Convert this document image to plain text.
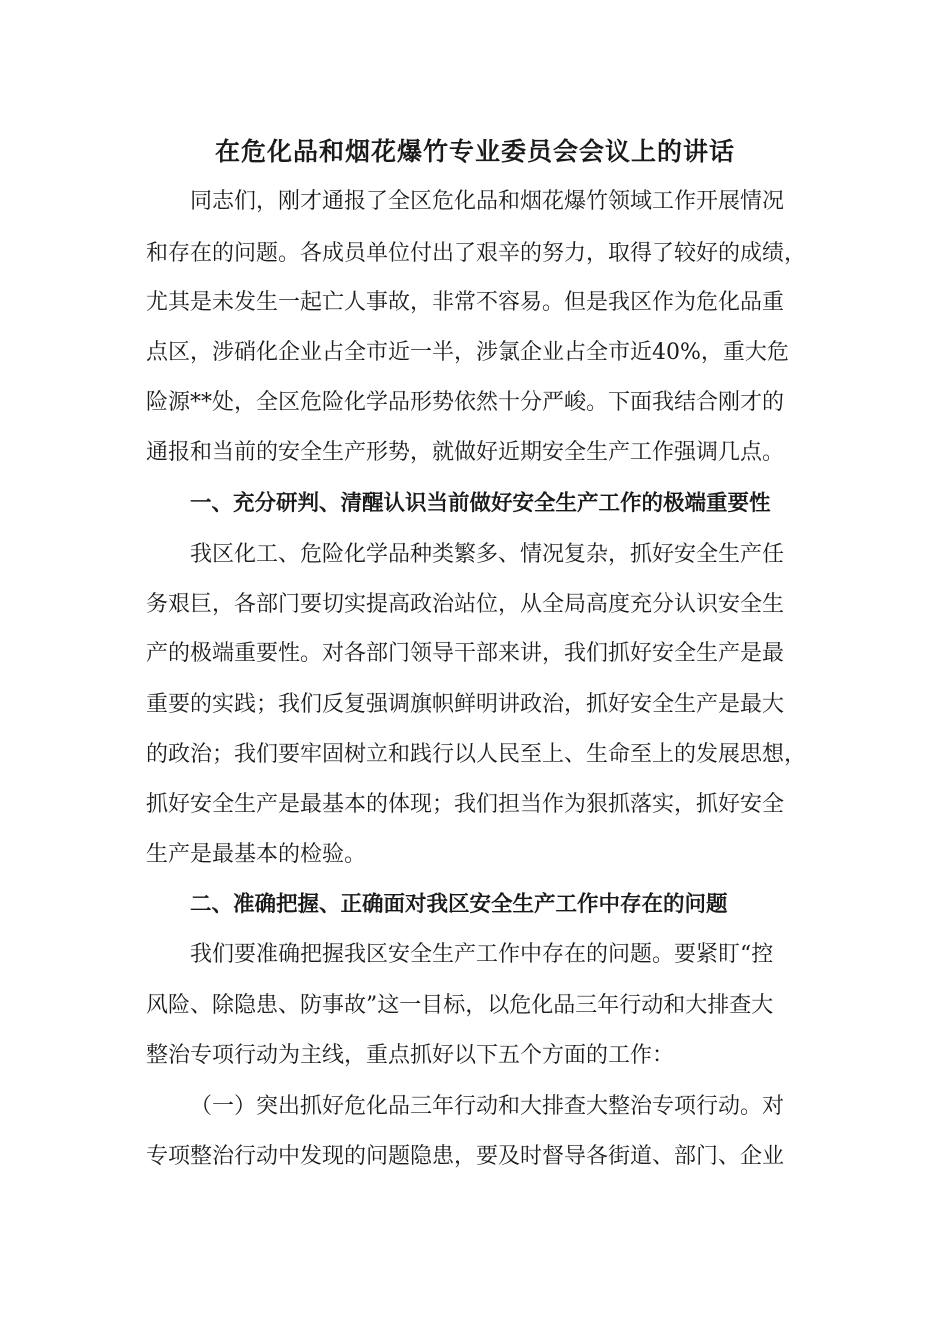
在危化品和烟花爆竹专业委员会会议上的讲话

同志们，刚才通报了全区危化品和烟花爆竹领域工作开展情况

和存在的问题。各成员单位付出了艰辛的努力，取得了较好的成绩，

尤其是未发生一起亡人事故，非常不容易。但是我区作为危化品重

点区，涉硝化企业占全市近一半，涉氯企业占全市近40%，重大危

险源**处，全区危险化学品形势依然十分严峻。下面我结合刚才的

通报和当前的安全生产形势，就做好近期安全生产工作强调几点。

一、充分研判、清醒认识当前做好安全生产工作的极端重要性

我区化工、危险化学品种类繁多、情况复杂，抓好安全生产任

务艰巨，各部门要切实提高政治站位，从全局高度充分认识安全生

产的极端重要性。对各部门领导干部来讲，我们抓好安全生产是最

重要的实践；我们反复强调旗帜鲜明讲政治，抓好安全生产是最大

的政治；我们要牢固树立和践行以人民至上、生命至上的发展思想，

抓好安全生产是最基本的体现；我们担当作为狠抓落实，抓好安全

生产是最基本的检验。

二、准确把握、正确面对我区安全生产工作中存在的问题

我们要准确把握我区安全生产工作中存在的问题。要紧盯“控

风险、除隐患、防事故”这一目标，以危化品三年行动和大排查大

整治专项行动为主线，重点抓好以下五个方面的工作：

（一）突出抓好危化品三年行动和大排查大整治专项行动。对

专项整治行动中发现的问题隐患，要及时督导各街道、部门、企业
